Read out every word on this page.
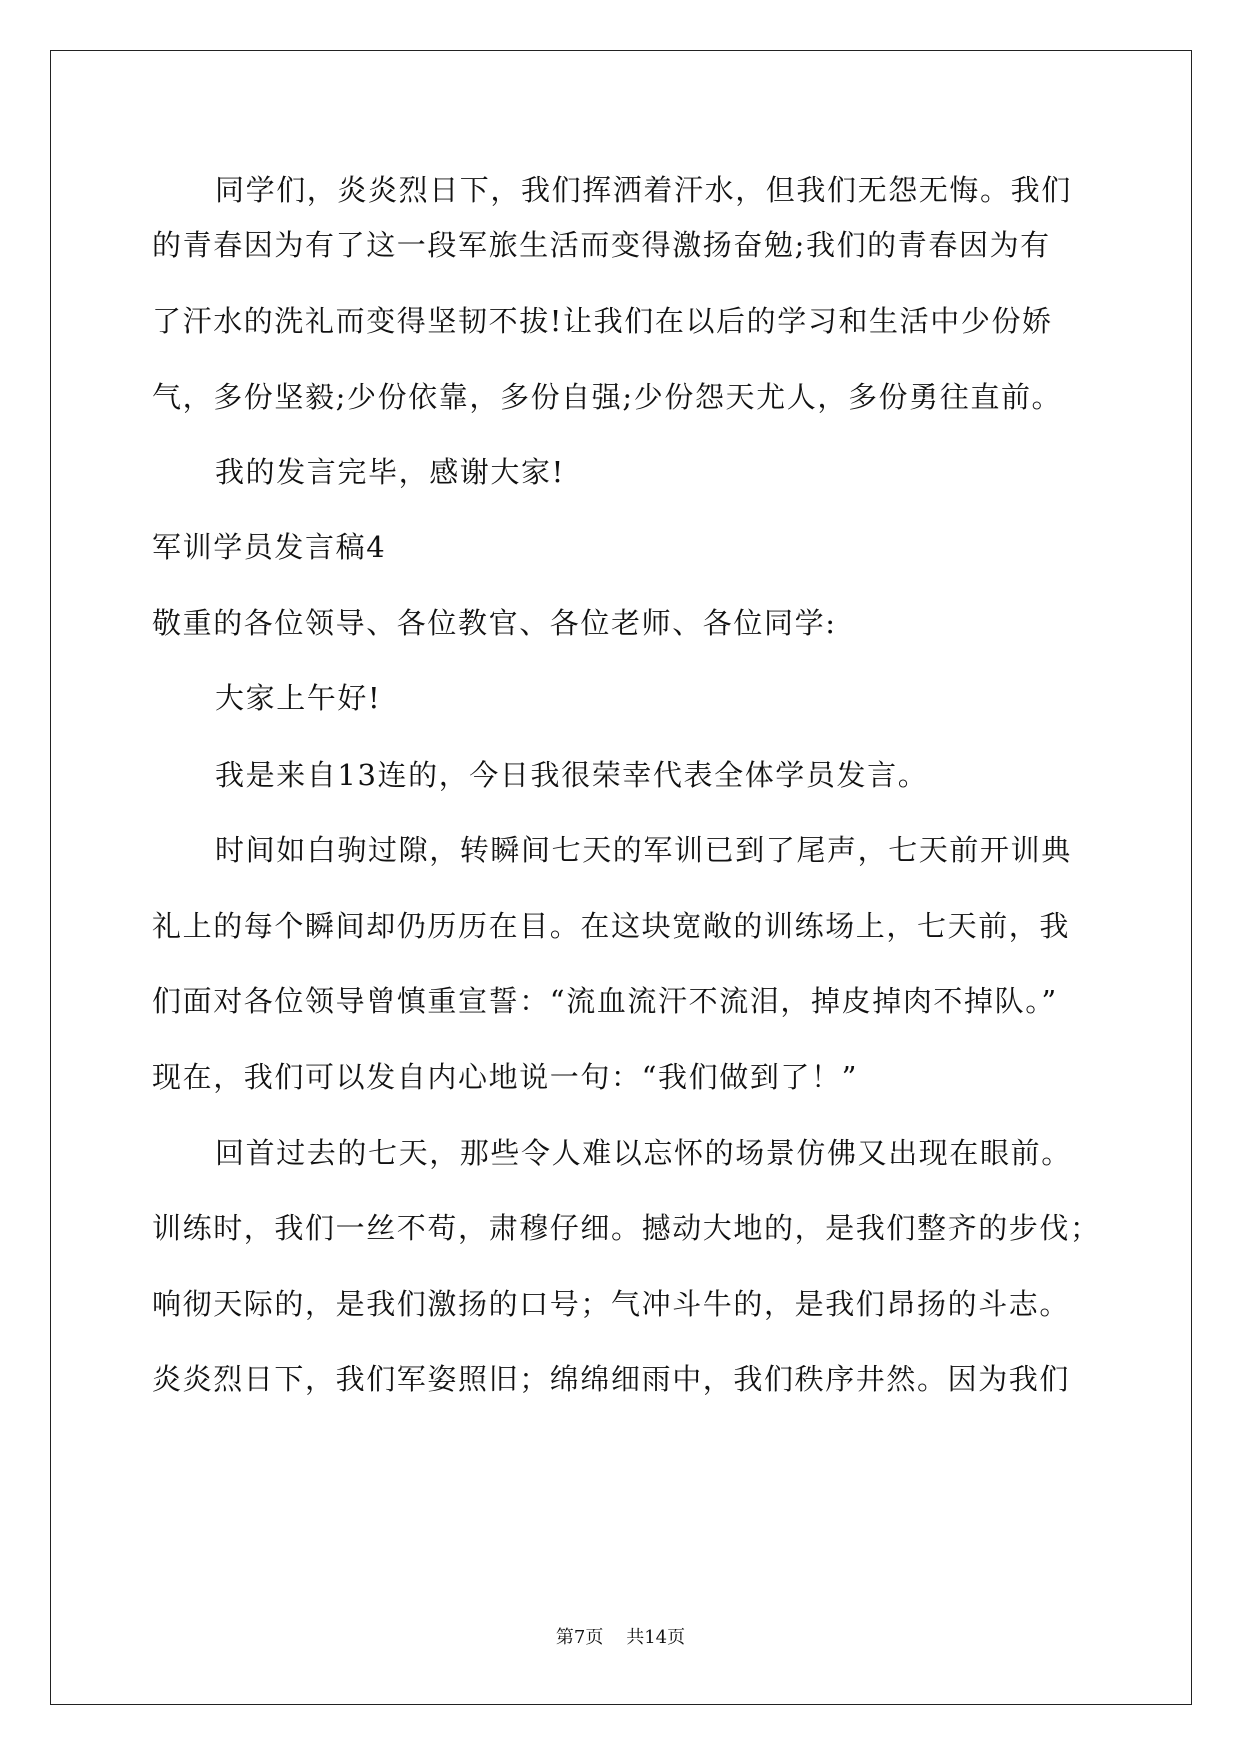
同学们，炎炎烈日下，我们挥洒着汗水，但我们无怨无悔。我们
的青春因为有了这一段军旅生活而变得激扬奋勉;我们的青春因为有
了汗水的洗礼而变得坚韧不拔!让我们在以后的学习和生活中少份娇
气，多份坚毅;少份依靠，多份自强;少份怨天尤人，多份勇往直前。
我的发言完毕，感谢大家!
军训学员发言稿4
敬重的各位领导、各位教官、各位老师、各位同学:
大家上午好!
我是来自13连的，今日我很荣幸代表全体学员发言。
时间如白驹过隙，转瞬间七天的军训已到了尾声，七天前开训典
礼上的每个瞬间却仍历历在目。在这块宽敞的训练场上，七天前，我
们面对各位领导曾慎重宣誓：“流血流汗不流泪，掉皮掉肉不掉队。”
现在，我们可以发自内心地说一句：“我们做到了！”
回首过去的七天，那些令人难以忘怀的场景仿佛又出现在眼前。
训练时，我们一丝不苟，肃穆仔细。撼动大地的，是我们整齐的步伐；
响彻天际的，是我们激扬的口号；气冲斗牛的，是我们昂扬的斗志。
炎炎烈日下，我们军姿照旧；绵绵细雨中，我们秩序井然。因为我们
第7页    共14页
